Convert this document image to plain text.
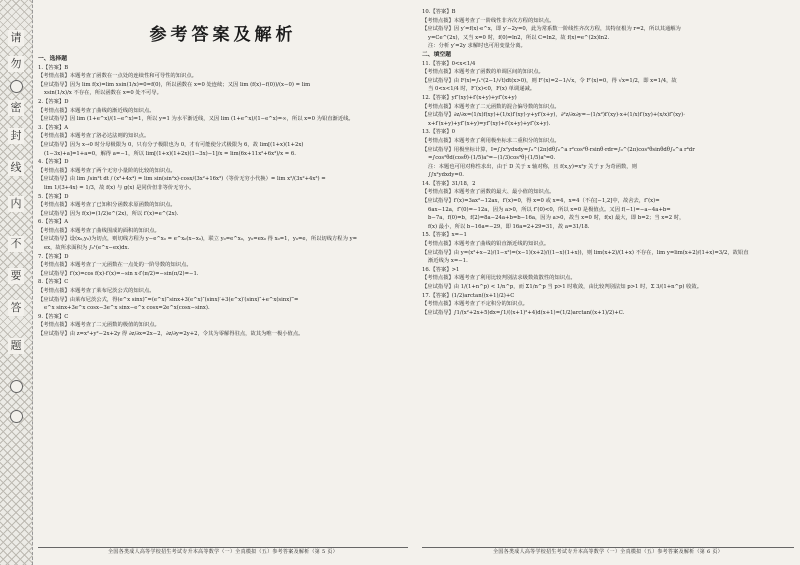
请
勿
密
封
线
内
不
要
答
题
参考答案及解析
一、选择题
1.【答案】B
【考情点拨】本题考查了函数在一点处的连续性和可导性的知识点。
【应试指导】因为 lim f(x)=lim xsin(1/x)=0=f(0)，所以函数在 x=0 处连续；又因 lim (f(x)−f(0))/(x−0) = lim
xsin(1/x)/x 不存在，所以函数在 x=0 处不可导。
2.【答案】D
【考情点拨】本题考查了曲线的渐近线的知识点。
【应试指导】因 lim (1+e^x)/(1−e^x)=1，所以 y=1 为水平渐近线，又因 lim (1+e^x)/(1−e^x)=∞，所以 x=0 为铅直渐近线。
3.【答案】A
【考情点拨】本题考查了洛必达法则的知识点。
【应试指导】因为 x→0 时分母极限为 0，只有分子极限也为 0，才有可能使分式极限为 6，故 lim[(1+x)(1+2x)
(1−3x)+a]=1+a=0，解得 a=−1，所以 lim[(1+x)(1+2x)(1−3x)−1]/x = lim(6x+11x²+6x³)/x = 6.
4.【答案】D
【考情点拨】本题考查了两个无穷小量阶的比较的知识点。
【应试指导】由 lim ∫sin²t dt / (x³+4x⁴) = lim sin(sin²x)·cosx/(3x²+16x³)（等价无穷小代换）= lim x²/(3x²+4x³) =
lim 1/(3+4x) = 1/3，故 f(x) 与 g(x) 是同价但非等价无穷小。
5.【答案】D
【考情点拨】本题考查了已知积分函数求原函数的知识点。
【应试指导】因为 f(x)=(1/2)e^(2x)，所以 f′(x)=e^(2x).
6.【答案】A
【考情点拨】本题考查了曲线围成的面积的知识点。
【应试指导】设(x₀,y₀)为切点，则切线方程为 y−e^x₀ = e^x₀(x−x₀)，联立 y₀=e^x₀，y₀=ex₀ 得 x₀=1，y₀=e，所以切线方程为 y=
ex，故所求面积为 ∫₀¹(e^x−ex)dx.
7.【答案】D
【考情点拨】本题考查了一元函数在一点处的一阶导数的知识点。
【应试指导】f′(x)=cos f(x)·f′(x)=−sin x·f′(π/2)=−sin(π/2)=−1.
8.【答案】C
【考情点拨】本题考查了莱布尼茨公式的知识点。
【应试指导】由莱布尼茨公式，得(e^x sinx)‴=(e^x)‴sinx+3(e^x)″(sinx)′+3(e^x)′(sinx)″+e^x(sinx)‴=
e^x sinx+3e^x cosx−3e^x sinx−e^x cosx=2e^x(cosx−sinx).
9.【答案】C
【考情点拨】本题考查了二元函数的极值的知识点。
【应试指导】由 z=x²+y²−2x+2y 得 ∂z/∂x=2x−2，∂z/∂y=2y+2，令其为零解得驻点，故其为唯一极小值点。
全国各类成人高等学校招生考试专升本高等数学（一）全真模拟（五）参考答案及解析（第 5 页）
10.【答案】B
【考情点拨】本题考查了一阶线性非齐次方程的知识点。
【应试指导】因 y′=f(x)·e^x，即 y′−2y=0，此为常系数一阶线性齐次方程，其特征根为 r=2，所以其通解为
y=Ce^(2x)，又当 x=0 时，f(0)=ln2，所以 C=ln2，故 f(x)=e^(2x)ln2.
注：分析 y′=2y 求解时也可用变量分离。
二、填空题
11.【答案】0<x<1/4
【考情点拨】本题考查了函数的单调区间的知识点。
【应试指导】由 F(x)=∫₁ˣ(2−1/√t)dt(x>0)，则 F′(x)=2−1/√x，令 F′(x)=0，得 √x=1/2，即 x=1/4，故
当 0<x<1/4 时，F′(x)<0，F(x) 单调递减。
12.【答案】yf″(xy)+f′(x+y)+yf″(x+y)
【考情点拨】本题考查了二元函数的混合偏导数的知识点。
【应试指导】∂z/∂x=(1/x)f(xy)+(1/x)f′(xy)·y+yf′(x+y)，∂²z/∂x∂y=−(1/x²)f′(xy)·x+(1/x)f′(xy)+(x/x)f″(xy)·
x+f′(x+y)+yf″(x+y)=yf″(xy)+f′(x+y)+yf″(x+y).
13.【答案】0
【考情点拨】本题考查了利用极坐标求二重积分的知识点。
【应试指导】用极坐标计算，I=∫∫x²ydxdy=∫₀^(2π)dθ∫₀^a r²cos²θ·rsinθ·rdr=∫₀^(2π)cos²θsinθdθ∫₀^a r⁴dr
=∫cos²θd(cosθ)·(1/5)a⁵=−(1/3)cos³θ|·(1/5)a⁵=0.
注：本题也可用对称性求出，由于 D 关于 x 轴对称，且 f(x,y)=x²y 关于 y 为奇函数，则
∫∫x²ydxdy=0.
14.【答案】31/18，2
【考情点拨】本题考查了函数的最大、最小值的知识点。
【应试指导】f′(x)=3ax²−12ax，f′(x)=0，得 x=0 或 x=4，x=4（不在[−1,2]中，故舍去，f″(x)=
6ax−12a，f″(0)=−12a，因为 a>0，所以 f″(0)<0，所以 x=0 是极值点。又因 f(−1)=−a−4a+b=
b−7a，f(0)=b，f(2)=8a−24a+b=b−16a，因为 a>0，故当 x=0 时，f(x) 最大，即 b=2；当 x=2 时，
f(x) 最小，所以 b−16a=−29，即 16a=2+29=31，故 a=31/18.
15.【答案】x=−1
【考情点拨】本题考查了曲线的铅直渐近线的知识点。
【应试指导】由 y=(x²+x−2)/(1−x²)=(x−1)(x+2)/((1−x)(1+x))，则 lim(x+2)/(1+x) 不存在，lim y=lim(x+2)/(1+x)=3/2，故铅直
渐近线为 x=−1.
16.【答案】>1
【考情点拨】本题考查了利用比较判别法求级数敛散性的知识点。
【应试指导】由 1/(1+n^p) < 1/n^p，而 Σ1/n^p 当 p>1 时收敛，由比较判别法知 p>1 时，Σ 3/(1+n^p) 收敛。
17.【答案】(1/2)arctan((x+1)/2)+C
【考情点拨】本题考查了不定积分的知识点。
【应试指导】∫1/(x²+2x+5)dx=∫1/((x+1)²+4)d(x+1)=(1/2)arctan((x+1)/2)+C.
全国各类成人高等学校招生考试专升本高等数学（一）全真模拟（五）参考答案及解析（第 6 页）
